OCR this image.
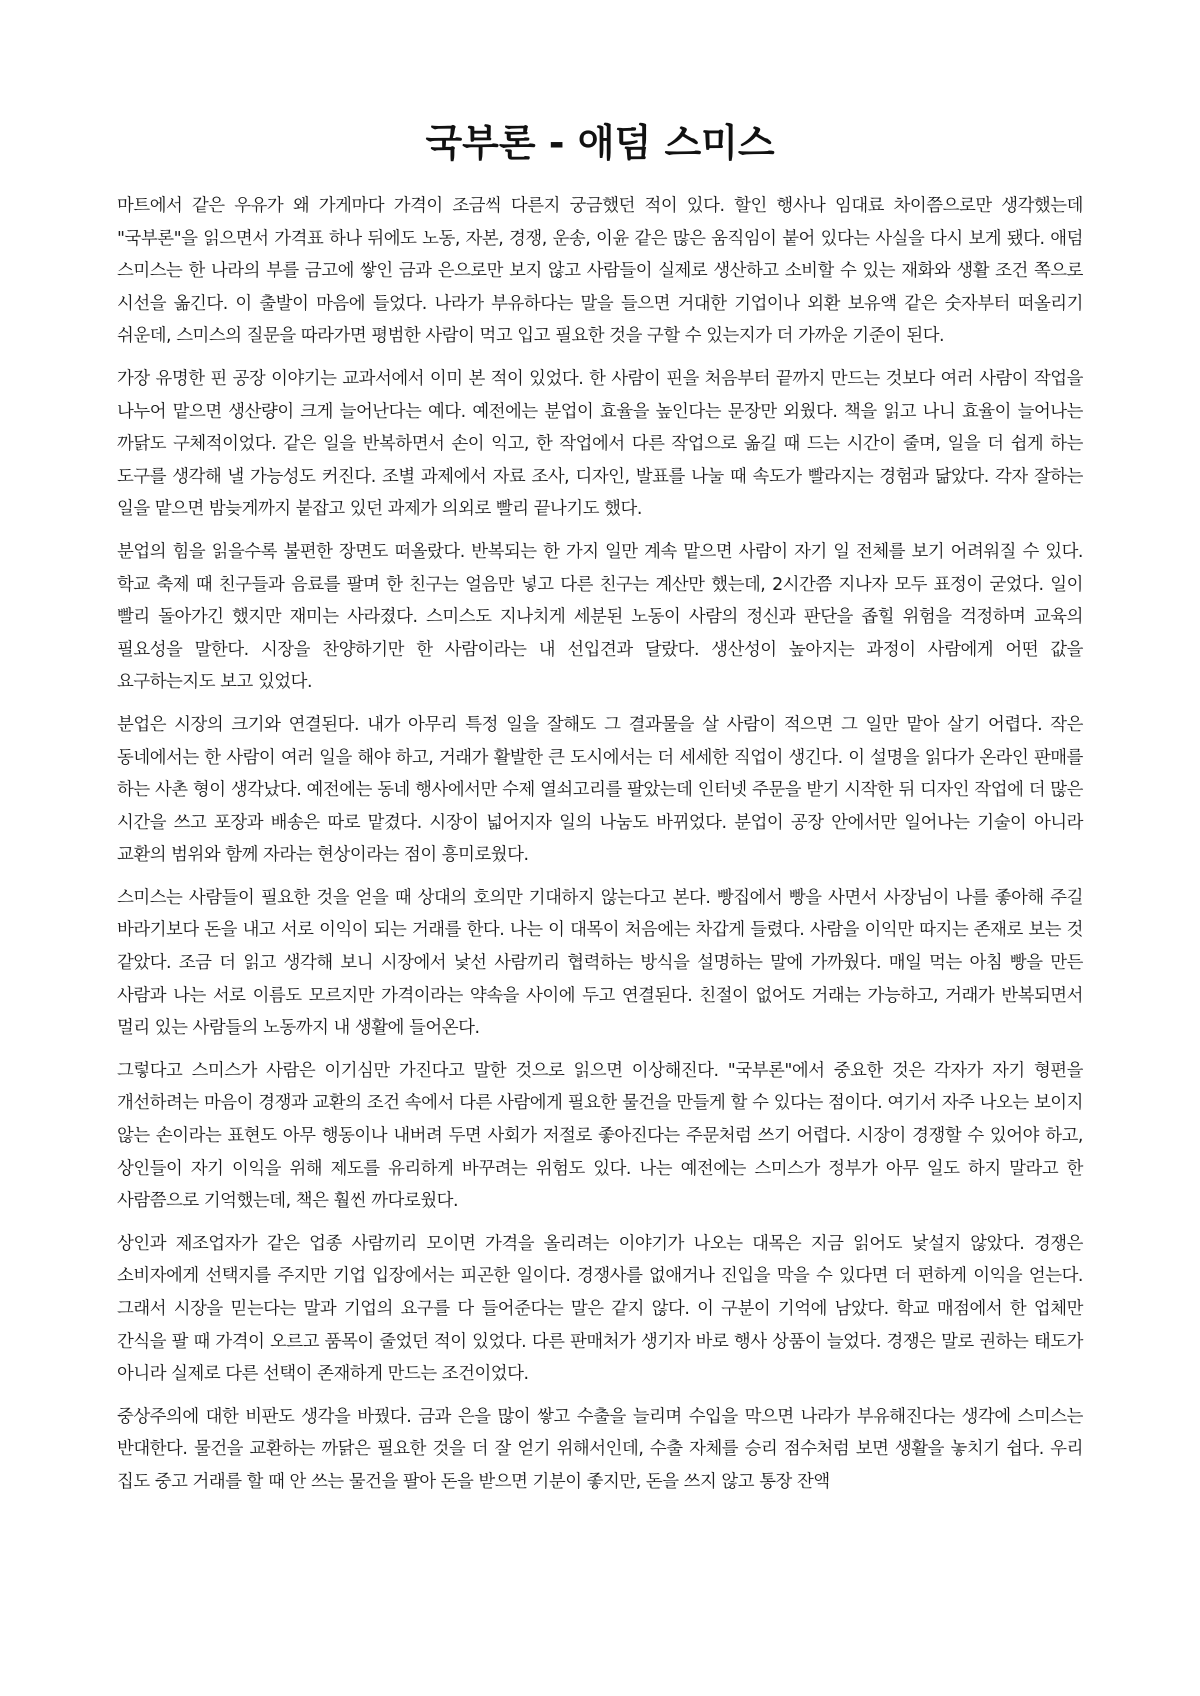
국부론 - 애덤 스미스

마트에서 같은 우유가 왜 가게마다 가격이 조금씩 다른지 궁금했던 적이 있다. 할인 행사나 임대료 차이쯤으로만 생각했는데 "국부론"을 읽으면서 가격표 하나 뒤에도 노동, 자본, 경쟁, 운송, 이윤 같은 많은 움직임이 붙어 있다는 사실을 다시 보게 됐다. 애덤 스미스는 한 나라의 부를 금고에 쌓인 금과 은으로만 보지 않고 사람들이 실제로 생산하고 소비할 수 있는 재화와 생활 조건 쪽으로 시선을 옮긴다. 이 출발이 마음에 들었다. 나라가 부유하다는 말을 들으면 거대한 기업이나 외환 보유액 같은 숫자부터 떠올리기 쉬운데, 스미스의 질문을 따라가면 평범한 사람이 먹고 입고 필요한 것을 구할 수 있는지가 더 가까운 기준이 된다.

가장 유명한 핀 공장 이야기는 교과서에서 이미 본 적이 있었다. 한 사람이 핀을 처음부터 끝까지 만드는 것보다 여러 사람이 작업을 나누어 맡으면 생산량이 크게 늘어난다는 예다. 예전에는 분업이 효율을 높인다는 문장만 외웠다. 책을 읽고 나니 효율이 늘어나는 까닭도 구체적이었다. 같은 일을 반복하면서 손이 익고, 한 작업에서 다른 작업으로 옮길 때 드는 시간이 줄며, 일을 더 쉽게 하는 도구를 생각해 낼 가능성도 커진다. 조별 과제에서 자료 조사, 디자인, 발표를 나눌 때 속도가 빨라지는 경험과 닮았다. 각자 잘하는 일을 맡으면 밤늦게까지 붙잡고 있던 과제가 의외로 빨리 끝나기도 했다.

분업의 힘을 읽을수록 불편한 장면도 떠올랐다. 반복되는 한 가지 일만 계속 맡으면 사람이 자기 일 전체를 보기 어려워질 수 있다. 학교 축제 때 친구들과 음료를 팔며 한 친구는 얼음만 넣고 다른 친구는 계산만 했는데, 2시간쯤 지나자 모두 표정이 굳었다. 일이 빨리 돌아가긴 했지만 재미는 사라졌다. 스미스도 지나치게 세분된 노동이 사람의 정신과 판단을 좁힐 위험을 걱정하며 교육의 필요성을 말한다. 시장을 찬양하기만 한 사람이라는 내 선입견과 달랐다. 생산성이 높아지는 과정이 사람에게 어떤 값을 요구하는지도 보고 있었다.

분업은 시장의 크기와 연결된다. 내가 아무리 특정 일을 잘해도 그 결과물을 살 사람이 적으면 그 일만 맡아 살기 어렵다. 작은 동네에서는 한 사람이 여러 일을 해야 하고, 거래가 활발한 큰 도시에서는 더 세세한 직업이 생긴다. 이 설명을 읽다가 온라인 판매를 하는 사촌 형이 생각났다. 예전에는 동네 행사에서만 수제 열쇠고리를 팔았는데 인터넷 주문을 받기 시작한 뒤 디자인 작업에 더 많은 시간을 쓰고 포장과 배송은 따로 맡겼다. 시장이 넓어지자 일의 나눔도 바뀌었다. 분업이 공장 안에서만 일어나는 기술이 아니라 교환의 범위와 함께 자라는 현상이라는 점이 흥미로웠다.

스미스는 사람들이 필요한 것을 얻을 때 상대의 호의만 기대하지 않는다고 본다. 빵집에서 빵을 사면서 사장님이 나를 좋아해 주길 바라기보다 돈을 내고 서로 이익이 되는 거래를 한다. 나는 이 대목이 처음에는 차갑게 들렸다. 사람을 이익만 따지는 존재로 보는 것 같았다. 조금 더 읽고 생각해 보니 시장에서 낯선 사람끼리 협력하는 방식을 설명하는 말에 가까웠다. 매일 먹는 아침 빵을 만든 사람과 나는 서로 이름도 모르지만 가격이라는 약속을 사이에 두고 연결된다. 친절이 없어도 거래는 가능하고, 거래가 반복되면서 멀리 있는 사람들의 노동까지 내 생활에 들어온다.

그렇다고 스미스가 사람은 이기심만 가진다고 말한 것으로 읽으면 이상해진다. "국부론"에서 중요한 것은 각자가 자기 형편을 개선하려는 마음이 경쟁과 교환의 조건 속에서 다른 사람에게 필요한 물건을 만들게 할 수 있다는 점이다. 여기서 자주 나오는 보이지 않는 손이라는 표현도 아무 행동이나 내버려 두면 사회가 저절로 좋아진다는 주문처럼 쓰기 어렵다. 시장이 경쟁할 수 있어야 하고, 상인들이 자기 이익을 위해 제도를 유리하게 바꾸려는 위험도 있다. 나는 예전에는 스미스가 정부가 아무 일도 하지 말라고 한 사람쯤으로 기억했는데, 책은 훨씬 까다로웠다.

상인과 제조업자가 같은 업종 사람끼리 모이면 가격을 올리려는 이야기가 나오는 대목은 지금 읽어도 낯설지 않았다. 경쟁은 소비자에게 선택지를 주지만 기업 입장에서는 피곤한 일이다. 경쟁사를 없애거나 진입을 막을 수 있다면 더 편하게 이익을 얻는다. 그래서 시장을 믿는다는 말과 기업의 요구를 다 들어준다는 말은 같지 않다. 이 구분이 기억에 남았다. 학교 매점에서 한 업체만 간식을 팔 때 가격이 오르고 품목이 줄었던 적이 있었다. 다른 판매처가 생기자 바로 행사 상품이 늘었다. 경쟁은 말로 권하는 태도가 아니라 실제로 다른 선택이 존재하게 만드는 조건이었다.

중상주의에 대한 비판도 생각을 바꿨다. 금과 은을 많이 쌓고 수출을 늘리며 수입을 막으면 나라가 부유해진다는 생각에 스미스는 반대한다. 물건을 교환하는 까닭은 필요한 것을 더 잘 얻기 위해서인데, 수출 자체를 승리 점수처럼 보면 생활을 놓치기 쉽다. 우리 집도 중고 거래를 할 때 안 쓰는 물건을 팔아 돈을 받으면 기분이 좋지만, 돈을 쓰지 않고 통장 잔액
